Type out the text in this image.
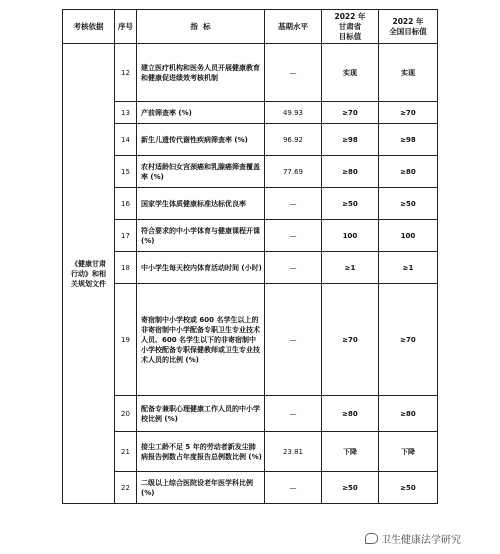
考核依据	序号	指  标	基期水平	2022 年
甘肃省
目标值	2022 年
全国目标值
《健康甘肃
行动》和相
关规划文件	12	建立医疗机构和医务人员开展健康教育和健康促进绩效考核机制	—	实现	实现
	13	产前筛查率 (%)	49.93	≥70	≥70
	14	新生儿遗传代谢性疾病筛查率 (%)	96.92	≥98	≥98
	15	农村适龄妇女宫颈癌和乳腺癌筛查覆盖率 (%)	77.69	≥80	≥80
	16	国家学生体质健康标准达标优良率	—	≥50	≥50
	17	符合要求的中小学体育与健康课程开课 (%)	—	100	100
	18	中小学生每天校内体育活动时间 (小时)	—	≥1	≥1
	19	寄宿制中小学校或 600 名学生以上的非寄宿制中小学配备专职卫生专业技术人员、600 名学生以下的非寄宿制中小学校配备专职保健教师或卫生专业技术人员的比例 (%)	—	≥70	≥70
	20	配备专兼职心理健康工作人员的中小学校比例 (%)	—	≥80	≥80
	21	接尘工龄不足 5 年的劳动者新发尘肺病报告例数占年度报告总例数比例 (%)	23.81	下降	下降
	22	二级以上综合医院设老年医学科比例 (%)	—	≥50	≥50
卫生健康法学研究
